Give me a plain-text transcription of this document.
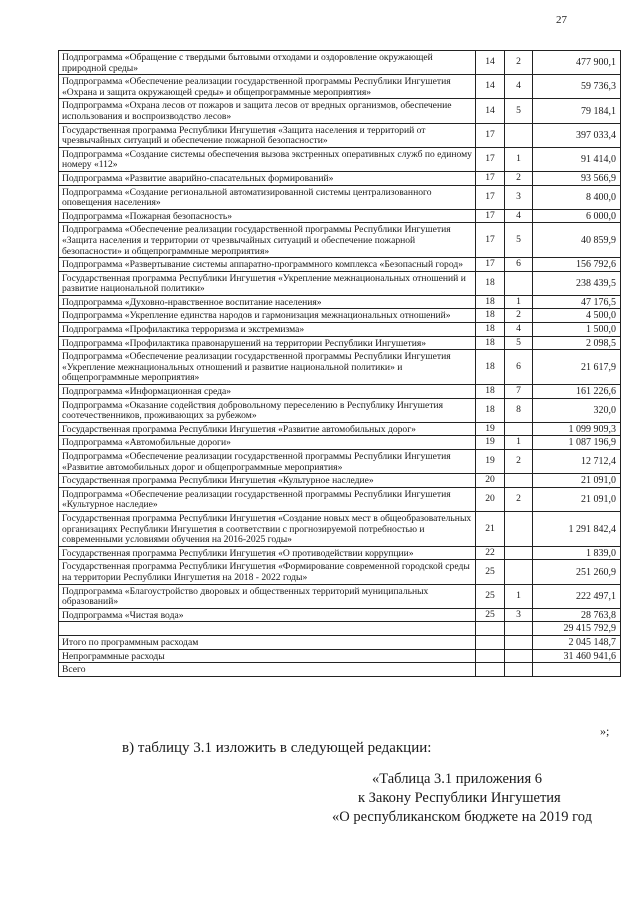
27
Подпрограмма «Обращение с твердыми бытовыми отходами и оздоровление окружающей природной среды»	14	2	477 900,1
Подпрограмма «Обеспечение реализации государственной программы Республики Ингушетия «Охрана и защита окружающей среды» и общепрограммные мероприятия»	14	4	59 736,3
Подпрограмма «Охрана лесов от пожаров и защита лесов от вредных организмов, обеспечение использования и воспроизводство лесов»	14	5	79 184,1
Государственная программа Республики Ингушетия «Защита населения и территорий от чрезвычайных ситуаций и обеспечение пожарной безопасности»	17		397 033,4
Подпрограмма «Создание системы обеспечения вызова экстренных оперативных служб по единому номеру «112»	17	1	91 414,0
Подпрограмма «Развитие аварийно-спасательных формирований»	17	2	93 566,9
Подпрограмма «Создание региональной автоматизированной системы централизованного оповещения населения»	17	3	8 400,0
Подпрограмма «Пожарная безопасность»	17	4	6 000,0
Подпрограмма «Обеспечение реализации государственной программы Республики Ингушетия «Защита населения и территории от чрезвычайных ситуаций и обеспечение пожарной безопасности» и общепрограммные мероприятия»	17	5	40 859,9
Подпрограмма «Развертывание системы аппаратно-программного комплекса «Безопасный город»	17	6	156 792,6
Государственная программа Республики Ингушетия «Укрепление межнациональных отношений и развитие национальной политики»	18		238 439,5
Подпрограмма «Духовно-нравственное воспитание населения»	18	1	47 176,5
Подпрограмма «Укрепление единства народов и гармонизация межнациональных отношений»	18	2	4 500,0
Подпрограмма «Профилактика терроризма и экстремизма»	18	4	1 500,0
Подпрограмма «Профилактика правонарушений на территории Республики Ингушетия»	18	5	2 098,5
Подпрограмма «Обеспечение реализации государственной программы Республики Ингушетия «Укрепление межнациональных отношений и развитие национальной политики» и общепрограммные мероприятия»	18	6	21 617,9
Подпрограмма «Информационная среда»	18	7	161 226,6
Подпрограмма «Оказание содействия добровольному переселению в Республику Ингушетия соотечественников, проживающих за рубежом»	18	8	320,0
Государственная программа Республики Ингушетия «Развитие автомобильных дорог»	19		1 099 909,3
Подпрограмма «Автомобильные дороги»	19	1	1 087 196,9
Подпрограмма «Обеспечение реализации государственной программы Республики Ингушетия «Развитие автомобильных дорог и общепрограммные мероприятия»	19	2	12 712,4
Государственная программа Республики Ингушетия «Культурное наследие»	20		21 091,0
Подпрограмма «Обеспечение реализации государственной программы Республики Ингушетия «Культурное наследие»	20	2	21 091,0
Государственная программа Республики Ингушетия «Создание новых мест в общеобразовательных организациях Республики Ингушетия в соответствии с прогнозируемой потребностью и современными условиями обучения на 2016-2025 годы»	21		1 291 842,4
Государственная программа Республики Ингушетия «О противодействии коррупции»	22		1 839,0
Государственная программа Республики Ингушетия «Формирование современной городской среды на территории Республики Ингушетия на 2018 - 2022 годы»	25		251 260,9
Подпрограмма «Благоустройство дворовых и общественных территорий муниципальных образований»	25	1	222 497,1
Подпрограмма «Чистая вода»	25	3	28 763,8
			29 415 792,9
Итого по программным расходам			2 045 148,7
Непрограммные расходы			31 460 941,6
Всего			
»;
в) таблицу 3.1 изложить в следующей редакции:
«Таблица 3.1 приложения 6
к Закону Республики Ингушетия
«О республиканском бюджете на 2019 год
